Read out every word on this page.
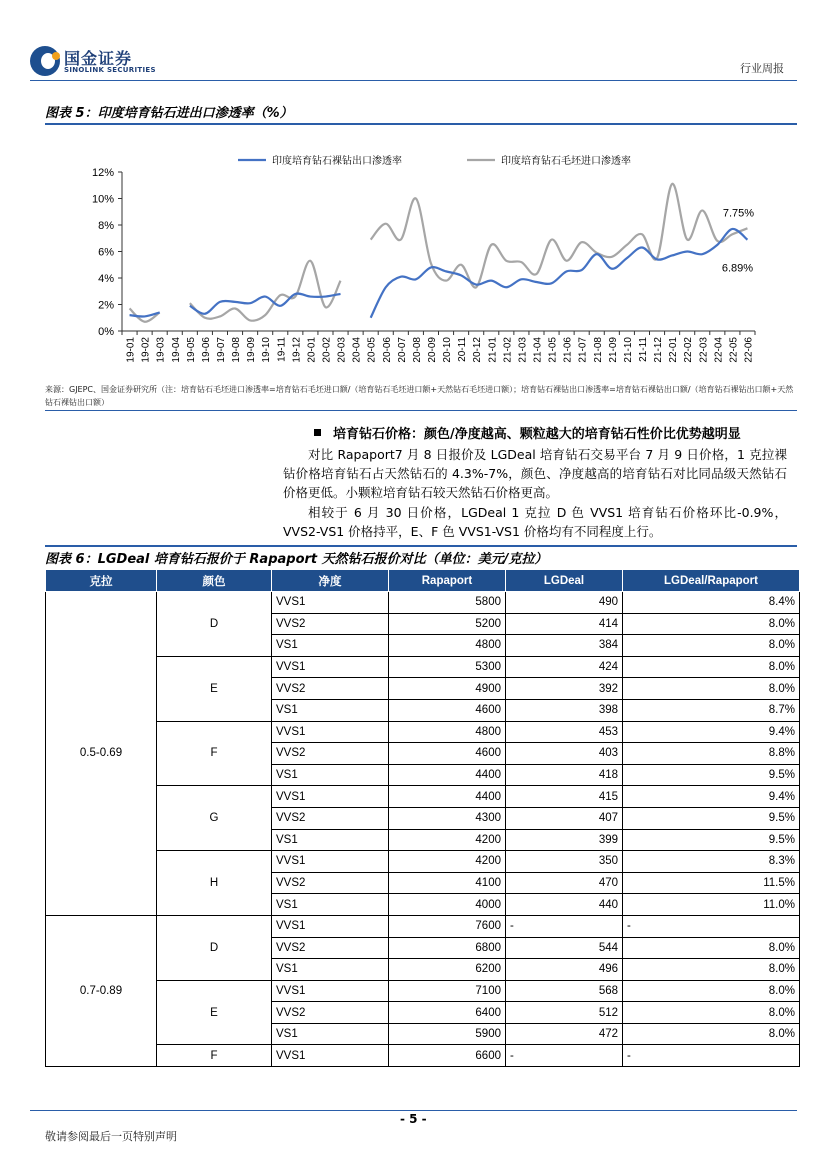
国金证券
SINOLINK SECURITIES	行业周报
图表 5：印度培育钻石进出口渗透率（%）
印度培育钻石裸钻出口渗透率	印度培育钻石毛坯进口渗透率
0%
2%
4%
6%
8%
10%
12%
7.75%
6.89%
19-01 19-02 19-03 19-04 19-05 19-06 19-07 19-08 19-09 19-10 19-11 19-12 20-01 20-02 20-03 20-04 20-05 20-06 20-07 20-08 20-09 20-10 20-11 20-12 21-01 21-02 21-03 21-04 21-05 21-06 21-07 21-08 21-09 21-10 21-11 21-12 22-01 22-02 22-03 22-04 22-05 22-06
来源：GJEPC、国金证券研究所（注：培育钻石毛坯进口渗透率=培育钻石毛坯进口额/（培育钻石毛坯进口额+天然钻石毛坯进口额）；培育钻石裸钻出口渗透率=培育钻石裸钻出口额/（培育钻石裸钻出口额+天然钻石裸钻出口额）
培育钻石价格：颜色/净度越高、颗粒越大的培育钻石性价比优势越明显
对比 Rapaport7 月 8 日报价及 LGDeal 培育钻石交易平台 7 月 9 日价格，1 克拉裸钻价格培育钻石占天然钻石的 4.3%-7%，颜色、净度越高的培育钻石对比同品级天然钻石价格更低。小颗粒培育钻石较天然钻石价格更高。
相较于 6 月 30 日价格，LGDeal 1 克拉 D 色 VVS1 培育钻石价格环比-0.9%，VVS2-VS1 价格持平，E、F 色 VVS1-VS1 价格均有不同程度上行。
图表 6：LGDeal 培育钻石报价于 Rapaport 天然钻石报价对比（单位：美元/克拉）
克拉	颜色	净度	Rapaport	LGDeal	LGDeal/Rapaport
0.5-0.69	D	VVS1	5800	490	8.4%
		VVS2	5200	414	8.0%
		VS1	4800	384	8.0%
	E	VVS1	5300	424	8.0%
		VVS2	4900	392	8.0%
		VS1	4600	398	8.7%
	F	VVS1	4800	453	9.4%
		VVS2	4600	403	8.8%
		VS1	4400	418	9.5%
	G	VVS1	4400	415	9.4%
		VVS2	4300	407	9.5%
		VS1	4200	399	9.5%
	H	VVS1	4200	350	8.3%
		VVS2	4100	470	11.5%
		VS1	4000	440	11.0%
0.7-0.89	D	VVS1	7600	-	-
		VVS2	6800	544	8.0%
		VS1	6200	496	8.0%
	E	VVS1	7100	568	8.0%
		VVS2	6400	512	8.0%
		VS1	5900	472	8.0%
	F	VVS1	6600	-	-
- 5 -
敬请参阅最后一页特别声明
